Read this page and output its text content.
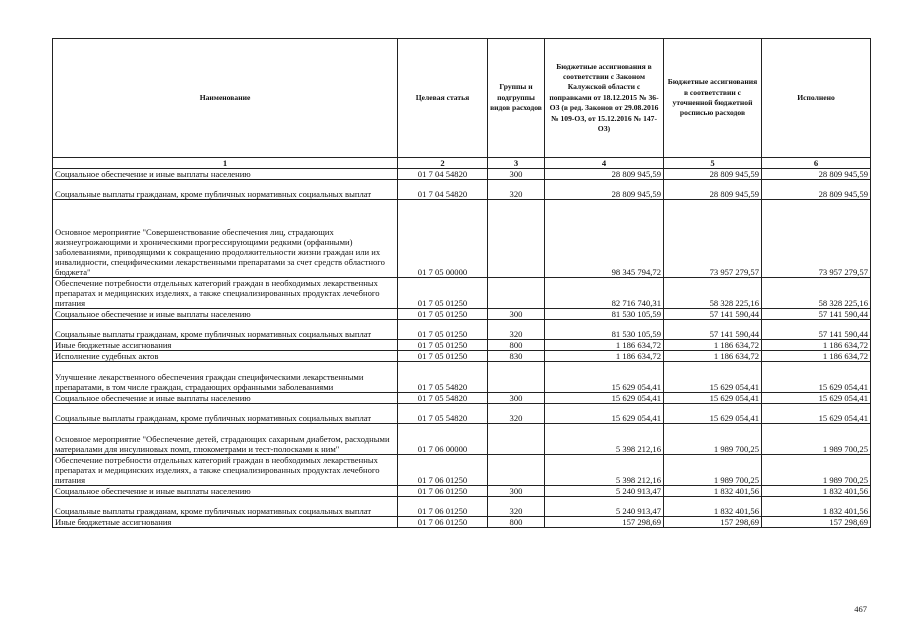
Наименование	Целевая статья	Группы и подгруппы видов расходов	Бюджетные ассигнования в соответствии с Законом Калужской области с поправками от 18.12.2015 № 36-ОЗ (в ред. Законов от 29.08.2016 № 109-ОЗ, от 15.12.2016 № 147-ОЗ)	Бюджетные ассигнования в соответствии с уточненной бюджетной росписью расходов	Исполнено
1	2	3	4	5	6
Социальное обеспечение и иные выплаты населению	01 7 04 54820	300	28 809 945,59	28 809 945,59	28 809 945,59
Социальные выплаты гражданам, кроме публичных нормативных социальных выплат	01 7 04 54820	320	28 809 945,59	28 809 945,59	28 809 945,59
Основное мероприятие "Совершенствование обеспечения лиц, страдающих жизнеугрожающими и хроническими прогрессирующими редкими (орфанными) заболеваниями, приводящими к сокращению продолжительности жизни граждан или их инвалидности, специфическими лекарственными препаратами за счет средств областного бюджета"	01 7 05 00000		98 345 794,72	73 957 279,57	73 957 279,57
Обеспечение потребности отдельных категорий граждан в необходимых лекарственных препаратах и медицинских изделиях, а также специализированных продуктах лечебного питания	01 7 05 01250		82 716 740,31	58 328 225,16	58 328 225,16
Социальное обеспечение и иные выплаты населению	01 7 05 01250	300	81 530 105,59	57 141 590,44	57 141 590,44
Социальные выплаты гражданам, кроме публичных нормативных социальных выплат	01 7 05 01250	320	81 530 105,59	57 141 590,44	57 141 590,44
Иные бюджетные ассигнования	01 7 05 01250	800	1 186 634,72	1 186 634,72	1 186 634,72
Исполнение судебных актов	01 7 05 01250	830	1 186 634,72	1 186 634,72	1 186 634,72
Улучшение лекарственного обеспечения граждан специфическими лекарственными препаратами, в том числе граждан, страдающих орфанными заболеваниями	01 7 05 54820		15 629 054,41	15 629 054,41	15 629 054,41
Социальное обеспечение и иные выплаты населению	01 7 05 54820	300	15 629 054,41	15 629 054,41	15 629 054,41
Социальные выплаты гражданам, кроме публичных нормативных социальных выплат	01 7 05 54820	320	15 629 054,41	15 629 054,41	15 629 054,41
Основное мероприятие "Обеспечение детей, страдающих сахарным диабетом, расходными материалами для инсулиновых помп, глюкометрами и тест-полосками к ним"	01 7 06 00000		5 398 212,16	1 989 700,25	1 989 700,25
Обеспечение потребности отдельных категорий граждан в необходимых лекарственных препаратах и медицинских изделиях, а также специализированных продуктах лечебного питания	01 7 06 01250		5 398 212,16	1 989 700,25	1 989 700,25
Социальное обеспечение и иные выплаты населению	01 7 06 01250	300	5 240 913,47	1 832 401,56	1 832 401,56
Социальные выплаты гражданам, кроме публичных нормативных социальных выплат	01 7 06 01250	320	5 240 913,47	1 832 401,56	1 832 401,56
Иные бюджетные ассигнования	01 7 06 01250	800	157 298,69	157 298,69	157 298,69
467
